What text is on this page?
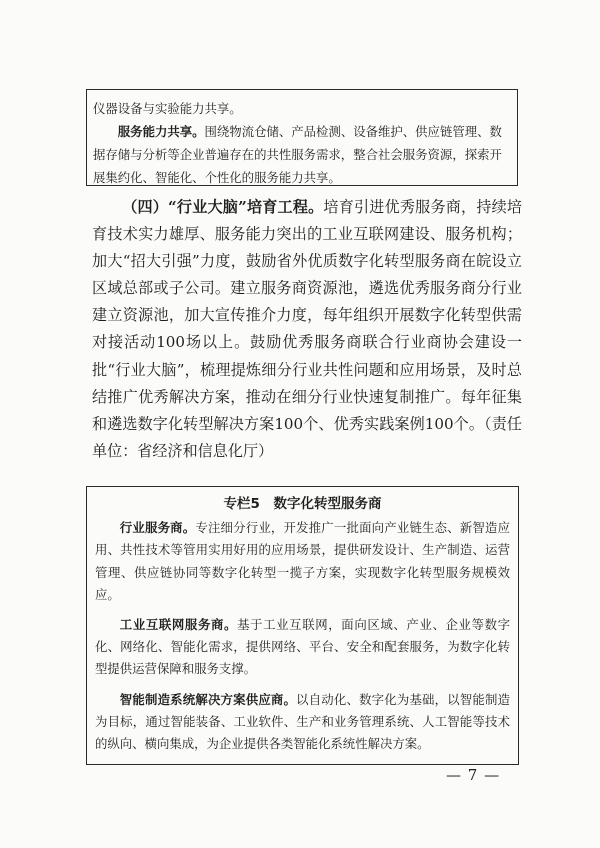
仪器设备与实验能力共享。

服务能力共享。围绕物流仓储、产品检测、设备维护、供应链管理、数据存储与分析等企业普遍存在的共性服务需求，整合社会服务资源，探索开展集约化、智能化、个性化的服务能力共享。

（四）“行业大脑”培育工程。培育引进优秀服务商，持续培育技术实力雄厚、服务能力突出的工业互联网建设、服务机构；加大“招大引强”力度，鼓励省外优质数字化转型服务商在皖设立区域总部或子公司。建立服务商资源池，遴选优秀服务商分行业建立资源池，加大宣传推介力度，每年组织开展数字化转型供需对接活动100场以上。鼓励优秀服务商联合行业商协会建设一批“行业大脑”，梳理提炼细分行业共性问题和应用场景，及时总结推广优秀解决方案，推动在细分行业快速复制推广。每年征集和遴选数字化转型解决方案100个、优秀实践案例100个。（责任单位：省经济和信息化厅）

专栏5　数字化转型服务商

行业服务商。专注细分行业，开发推广一批面向产业链生态、新智造应用、共性技术等管用实用好用的应用场景，提供研发设计、生产制造、运营管理、供应链协同等数字化转型一揽子方案，实现数字化转型服务规模效应。

工业互联网服务商。基于工业互联网，面向区域、产业、企业等数字化、网络化、智能化需求，提供网络、平台、安全和配套服务，为数字化转型提供运营保障和服务支撑。

智能制造系统解决方案供应商。以自动化、数字化为基础，以智能制造为目标，通过智能装备、工业软件、生产和业务管理系统、人工智能等技术的纵向、横向集成，为企业提供各类智能化系统性解决方案。

— 7 —
